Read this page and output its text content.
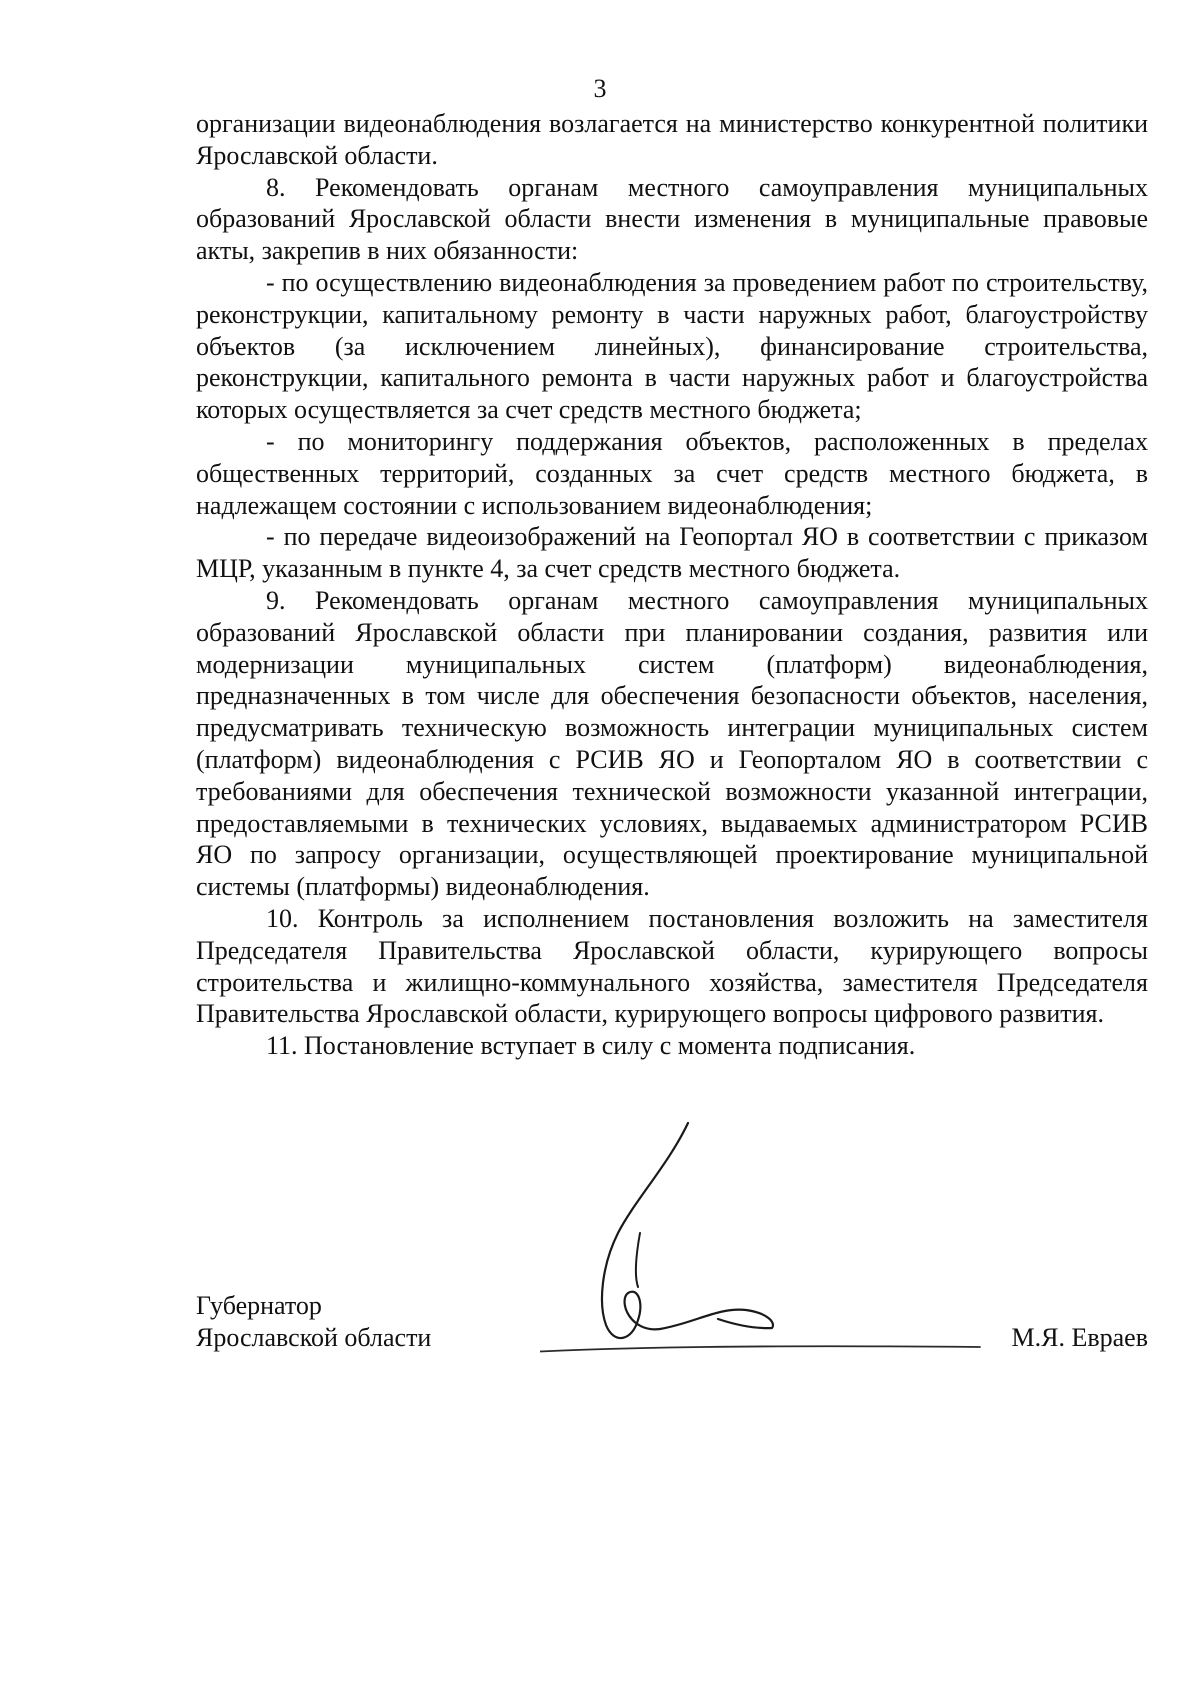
3

организации видеонаблюдения возлагается на министерство конкурентной политики Ярославской области.

8. Рекомендовать органам местного самоуправления муниципальных образований Ярославской области внести изменения в муниципальные правовые акты, закрепив в них обязанности:

- по осуществлению видеонаблюдения за проведением работ по строительству, реконструкции, капитальному ремонту в части наружных работ, благоустройству объектов (за исключением линейных), финансирование строительства, реконструкции, капитального ремонта в части наружных работ и благоустройства которых осуществляется за счет средств местного бюджета;

- по мониторингу поддержания объектов, расположенных в пределах общественных территорий, созданных за счет средств местного бюджета, в надлежащем состоянии с использованием видеонаблюдения;

- по передаче видеоизображений на Геопортал ЯО в соответствии с приказом МЦР, указанным в пункте 4, за счет средств местного бюджета.

9. Рекомендовать органам местного самоуправления муниципальных образований Ярославской области при планировании создания, развития или модернизации муниципальных систем (платформ) видеонаблюдения, предназначенных в том числе для обеспечения безопасности объектов, населения, предусматривать техническую возможность интеграции муниципальных систем (платформ) видеонаблюдения с РСИВ ЯО и Геопорталом ЯО в соответствии с требованиями для обеспечения технической возможности указанной интеграции, предоставляемыми в технических условиях, выдаваемых администратором РСИВ ЯО по запросу организации, осуществляющей проектирование муниципальной системы (платформы) видеонаблюдения.

10. Контроль за исполнением постановления возложить на заместителя Председателя Правительства Ярославской области, курирующего вопросы строительства и жилищно-коммунального хозяйства, заместителя Председателя Правительства Ярославской области, курирующего вопросы цифрового развития.

11. Постановление вступает в силу с момента подписания.

Губернатор
Ярославской области	М.Я. Евраев
